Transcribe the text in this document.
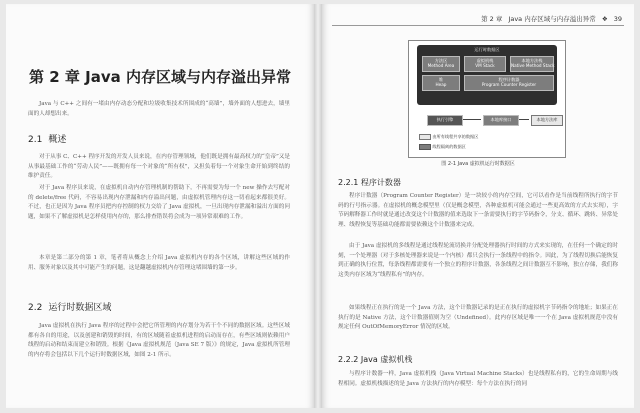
第 2 章 Java 内存区域与内存溢出异常

Java 与 C++ 之间有一堵由内存动态分配和垃圾收集技术所围成的“高墙”，墙外面的人想进去，墙里面的人却想出来。

2.1 概述

对于从事 C、C++ 程序开发的开发人员来说，在内存管理领域，他们既是拥有最高权力的“皇帝”又是从事最基础工作的“劳动人民”——既拥有每一个对象的“所有权”，又担负着每一个对象生命开始到终结的维护责任。

对于 Java 程序员来说，在虚拟机自动内存管理机制的帮助下，不再需要为每一个 new 操作去写配对的 delete/free 代码，不容易出现内存泄漏和内存溢出问题，由虚拟机管理内存这一切看起来都很美好。不过，也正是因为 Java 程序员把内存控制的权力交给了 Java 虚拟机，一旦出现内存泄漏和溢出方面的问题，如果不了解虚拟机是怎样使用内存的，那么排查错误将会成为一项异常艰难的工作。

本章是第二部分的第 1 章，笔者将从概念上介绍 Java 虚拟机内存的各个区域，讲解这些区域的作用、服务对象以及其中可能产生的问题，这是翻越虚拟机内存管理这堵围墙的第一步。

2.2 运行时数据区域

Java 虚拟机在执行 Java 程序的过程中会把它所管理的内存划分为若干个不同的数据区域。这些区域都有各自的用途，以及创建和销毁的时间，有的区域随着虚拟机进程的启动而存在，有些区域则依赖用户线程的启动和结束而建立和销毁。根据《Java 虚拟机规范（Java SE 7 版）》的规定，Java 虚拟机所管理的内存将会包括以下几个运行时数据区域，如图 2-1 所示。

第 2 章 Java 内存区域与内存溢出异常 ❖ 39
运行时数据区
方法区
Method Area
虚拟机栈
VM Stack
本地方法栈
Native Method Stack
堆
Heap
程序计数器
Program Counter Register
执行引擎	本地库接口	本地方法库
由所有线程共享的数据区
线程隔离的数据区
图 2-1 Java 虚拟机运行时数据区
2.2.1 程序计数器

程序计数器（Program Counter Register）是一块较小的内存空间，它可以看作是当前线程所执行的字节码的行号指示器。在虚拟机的概念模型里（仅是概念模型，各种虚拟机可能会通过一些更高效的方式去实现），字节码解释器工作时就是通过改变这个计数器的值来选取下一条需要执行的字节码指令，分支、循环、跳转、异常处理、线程恢复等基础功能都需要依赖这个计数器来完成。

由于 Java 虚拟机的多线程是通过线程轮流切换并分配处理器执行时间的方式来实现的，在任何一个确定的时刻，一个处理器（对于多核处理器来说是一个内核）都只会执行一条线程中的指令。因此，为了线程切换后能恢复到正确的执行位置，每条线程都需要有一个独立的程序计数器，各条线程之间计数器互不影响，独立存储，我们称这类内存区域为“线程私有”的内存。

如果线程正在执行的是一个 Java 方法，这个计数器记录的是正在执行的虚拟机字节码指令的地址；如果正在执行的是 Native 方法，这个计数器值则为空（Undefined）。此内存区域是唯一一个在 Java 虚拟机规范中没有规定任何 OutOfMemoryError 情况的区域。

2.2.2 Java 虚拟机栈

与程序计数器一样，Java 虚拟机栈（Java Virtual Machine Stacks）也是线程私有的，它的生命周期与线程相同。虚拟机栈描述的是 Java 方法执行的内存模型：每个方法在执行的同
